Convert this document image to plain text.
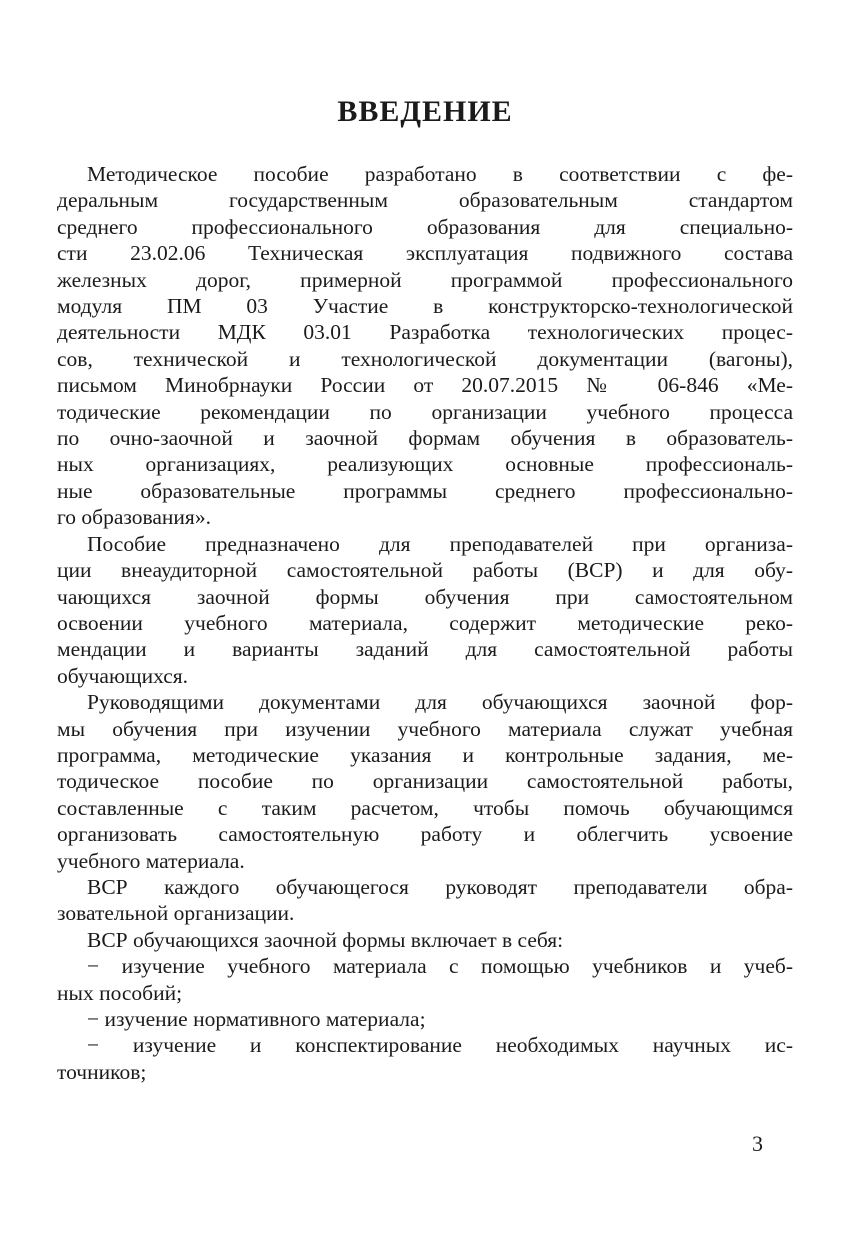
ВВЕДЕНИЕ
Методическое пособие разработано в соответствии с фе-
деральным государственным образовательным стандартом
среднего профессионального образования для специально-
сти 23.02.06 Техническая эксплуатация подвижного состава
железных дорог, примерной программой профессионального
модуля ПМ 03 Участие в конструкторско-технологической
деятельности МДК 03.01 Разработка технологических процес-
сов, технической и технологической документации (вагоны),
письмом Минобрнауки России от 20.07.2015 № 06-846 «Ме-
тодические рекомендации по организации учебного процесса
по очно-заочной и заочной формам обучения в образователь-
ных организациях, реализующих основные профессиональ-
ные образовательные программы среднего профессионально-
го образования».
Пособие предназначено для преподавателей при организа-
ции внеаудиторной самостоятельной работы (ВСР) и для обу-
чающихся заочной формы обучения при самостоятельном
освоении учебного материала, содержит методические реко-
мендации и варианты заданий для самостоятельной работы
обучающихся.
Руководящими документами для обучающихся заочной фор-
мы обучения при изучении учебного материала служат учебная
программа, методические указания и контрольные задания, ме-
тодическое пособие по организации самостоятельной работы,
составленные с таким расчетом, чтобы помочь обучающимся
организовать самостоятельную работу и облегчить усвоение
учебного материала.
ВСР каждого обучающегося руководят преподаватели обра-
зовательной организации.
ВСР обучающихся заочной формы включает в себя:
− изучение учебного материала с помощью учебников и учеб-
ных пособий;
− изучение нормативного материала;
− изучение и конспектирование необходимых научных ис-
точников;
3
